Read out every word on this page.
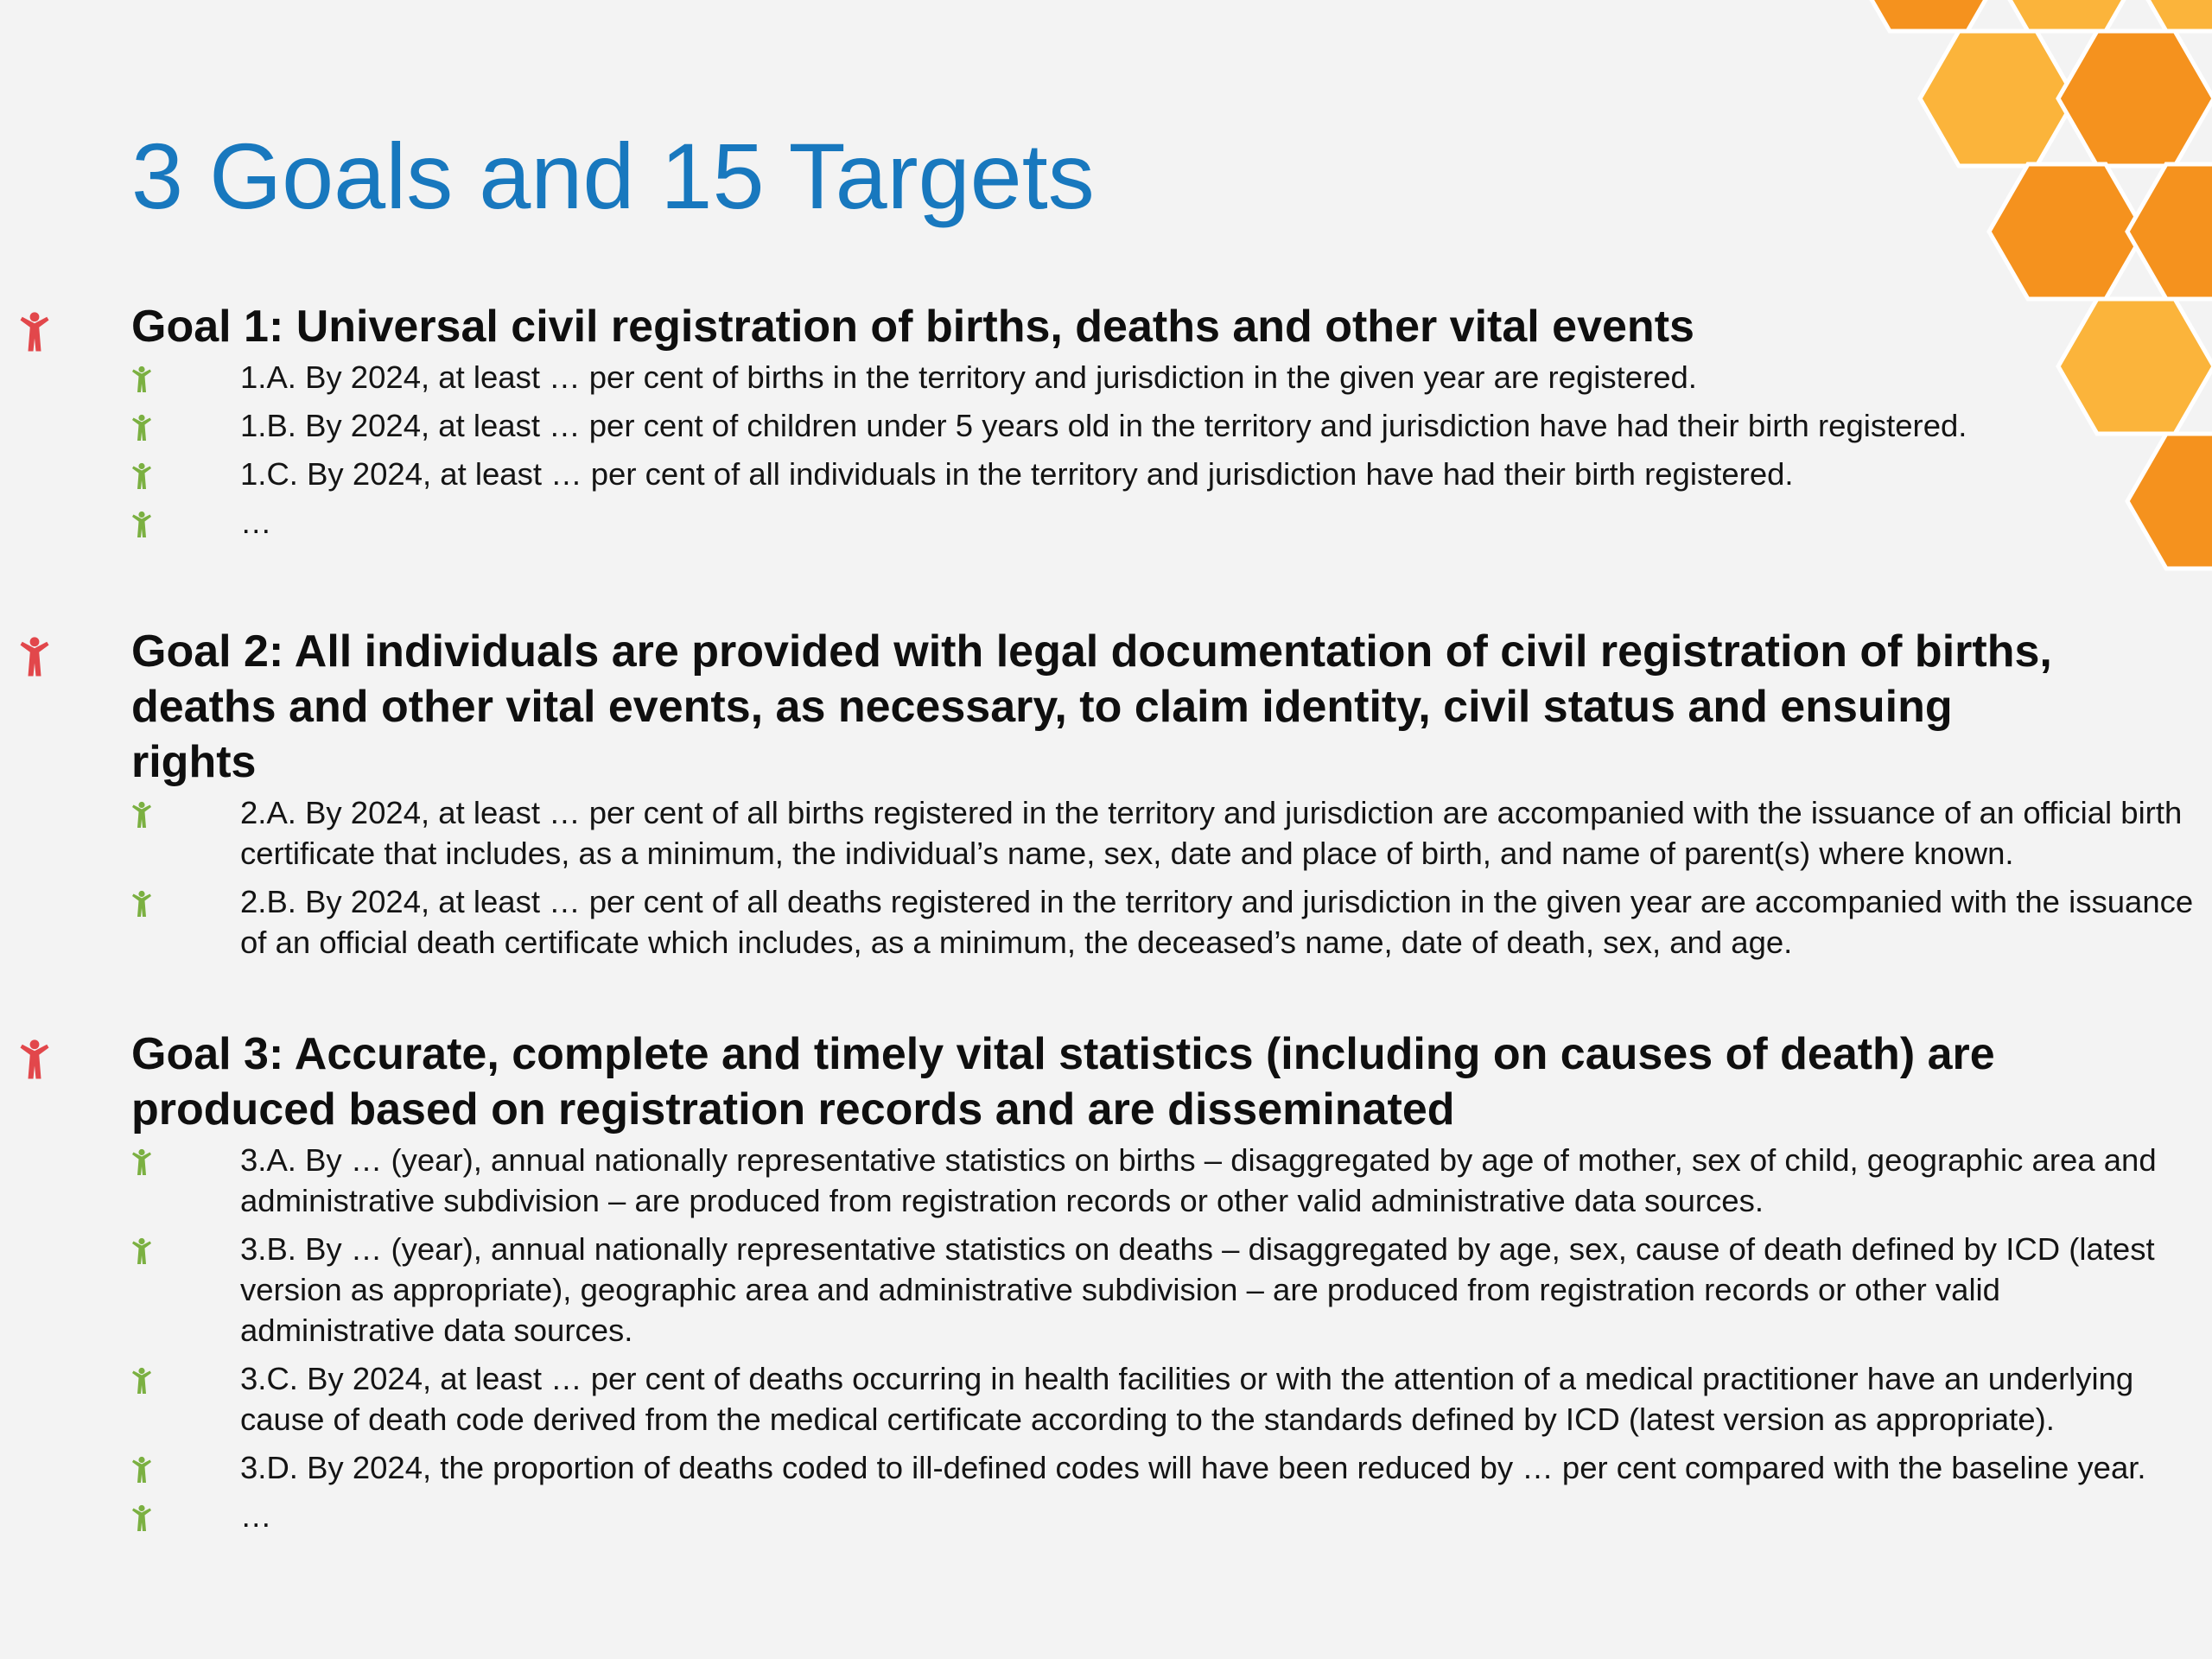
3 Goals and 15 Targets
Goal 1: Universal civil registration of births, deaths and other vital events
1.A. By 2024, at least … per cent of births in the territory and jurisdiction in the given year are registered.
1.B. By 2024, at least … per cent of children under 5 years old in the territory and jurisdiction have had their birth registered.
1.C. By 2024, at least … per cent of all individuals in the territory and jurisdiction have had their birth registered.
…
Goal 2: All individuals are provided with legal documentation of civil registration of births, deaths and other vital events, as necessary, to claim identity, civil status and ensuing rights
2.A. By 2024, at least … per cent of all births registered in the territory and jurisdiction are accompanied with the issuance of an official birth certificate that includes, as a minimum, the individual’s name, sex, date and place of birth, and name of parent(s) where known.
2.B. By 2024, at least … per cent of all deaths registered in the territory and jurisdiction in the given year are accompanied with the issuance of an official death certificate which includes, as a minimum, the deceased’s name, date of death, sex, and age.
Goal 3: Accurate, complete and timely vital statistics (including on causes of death) are produced based on registration records and are disseminated
3.A. By … (year), annual nationally representative statistics on births – disaggregated by age of mother, sex of child, geographic area and administrative subdivision – are produced from registration records or other valid administrative data sources.
3.B. By … (year), annual nationally representative statistics on deaths – disaggregated by age, sex, cause of death defined by ICD (latest version as appropriate), geographic area and administrative subdivision – are produced from registration records or other valid administrative data sources.
3.C. By 2024, at least … per cent of deaths occurring in health facilities or with the attention of a medical practitioner have an underlying cause of death code derived from the medical certificate according to the standards defined by ICD (latest version as appropriate).
3.D. By 2024, the proportion of deaths coded to ill-defined codes will have been reduced by … per cent compared with the baseline year.
…
